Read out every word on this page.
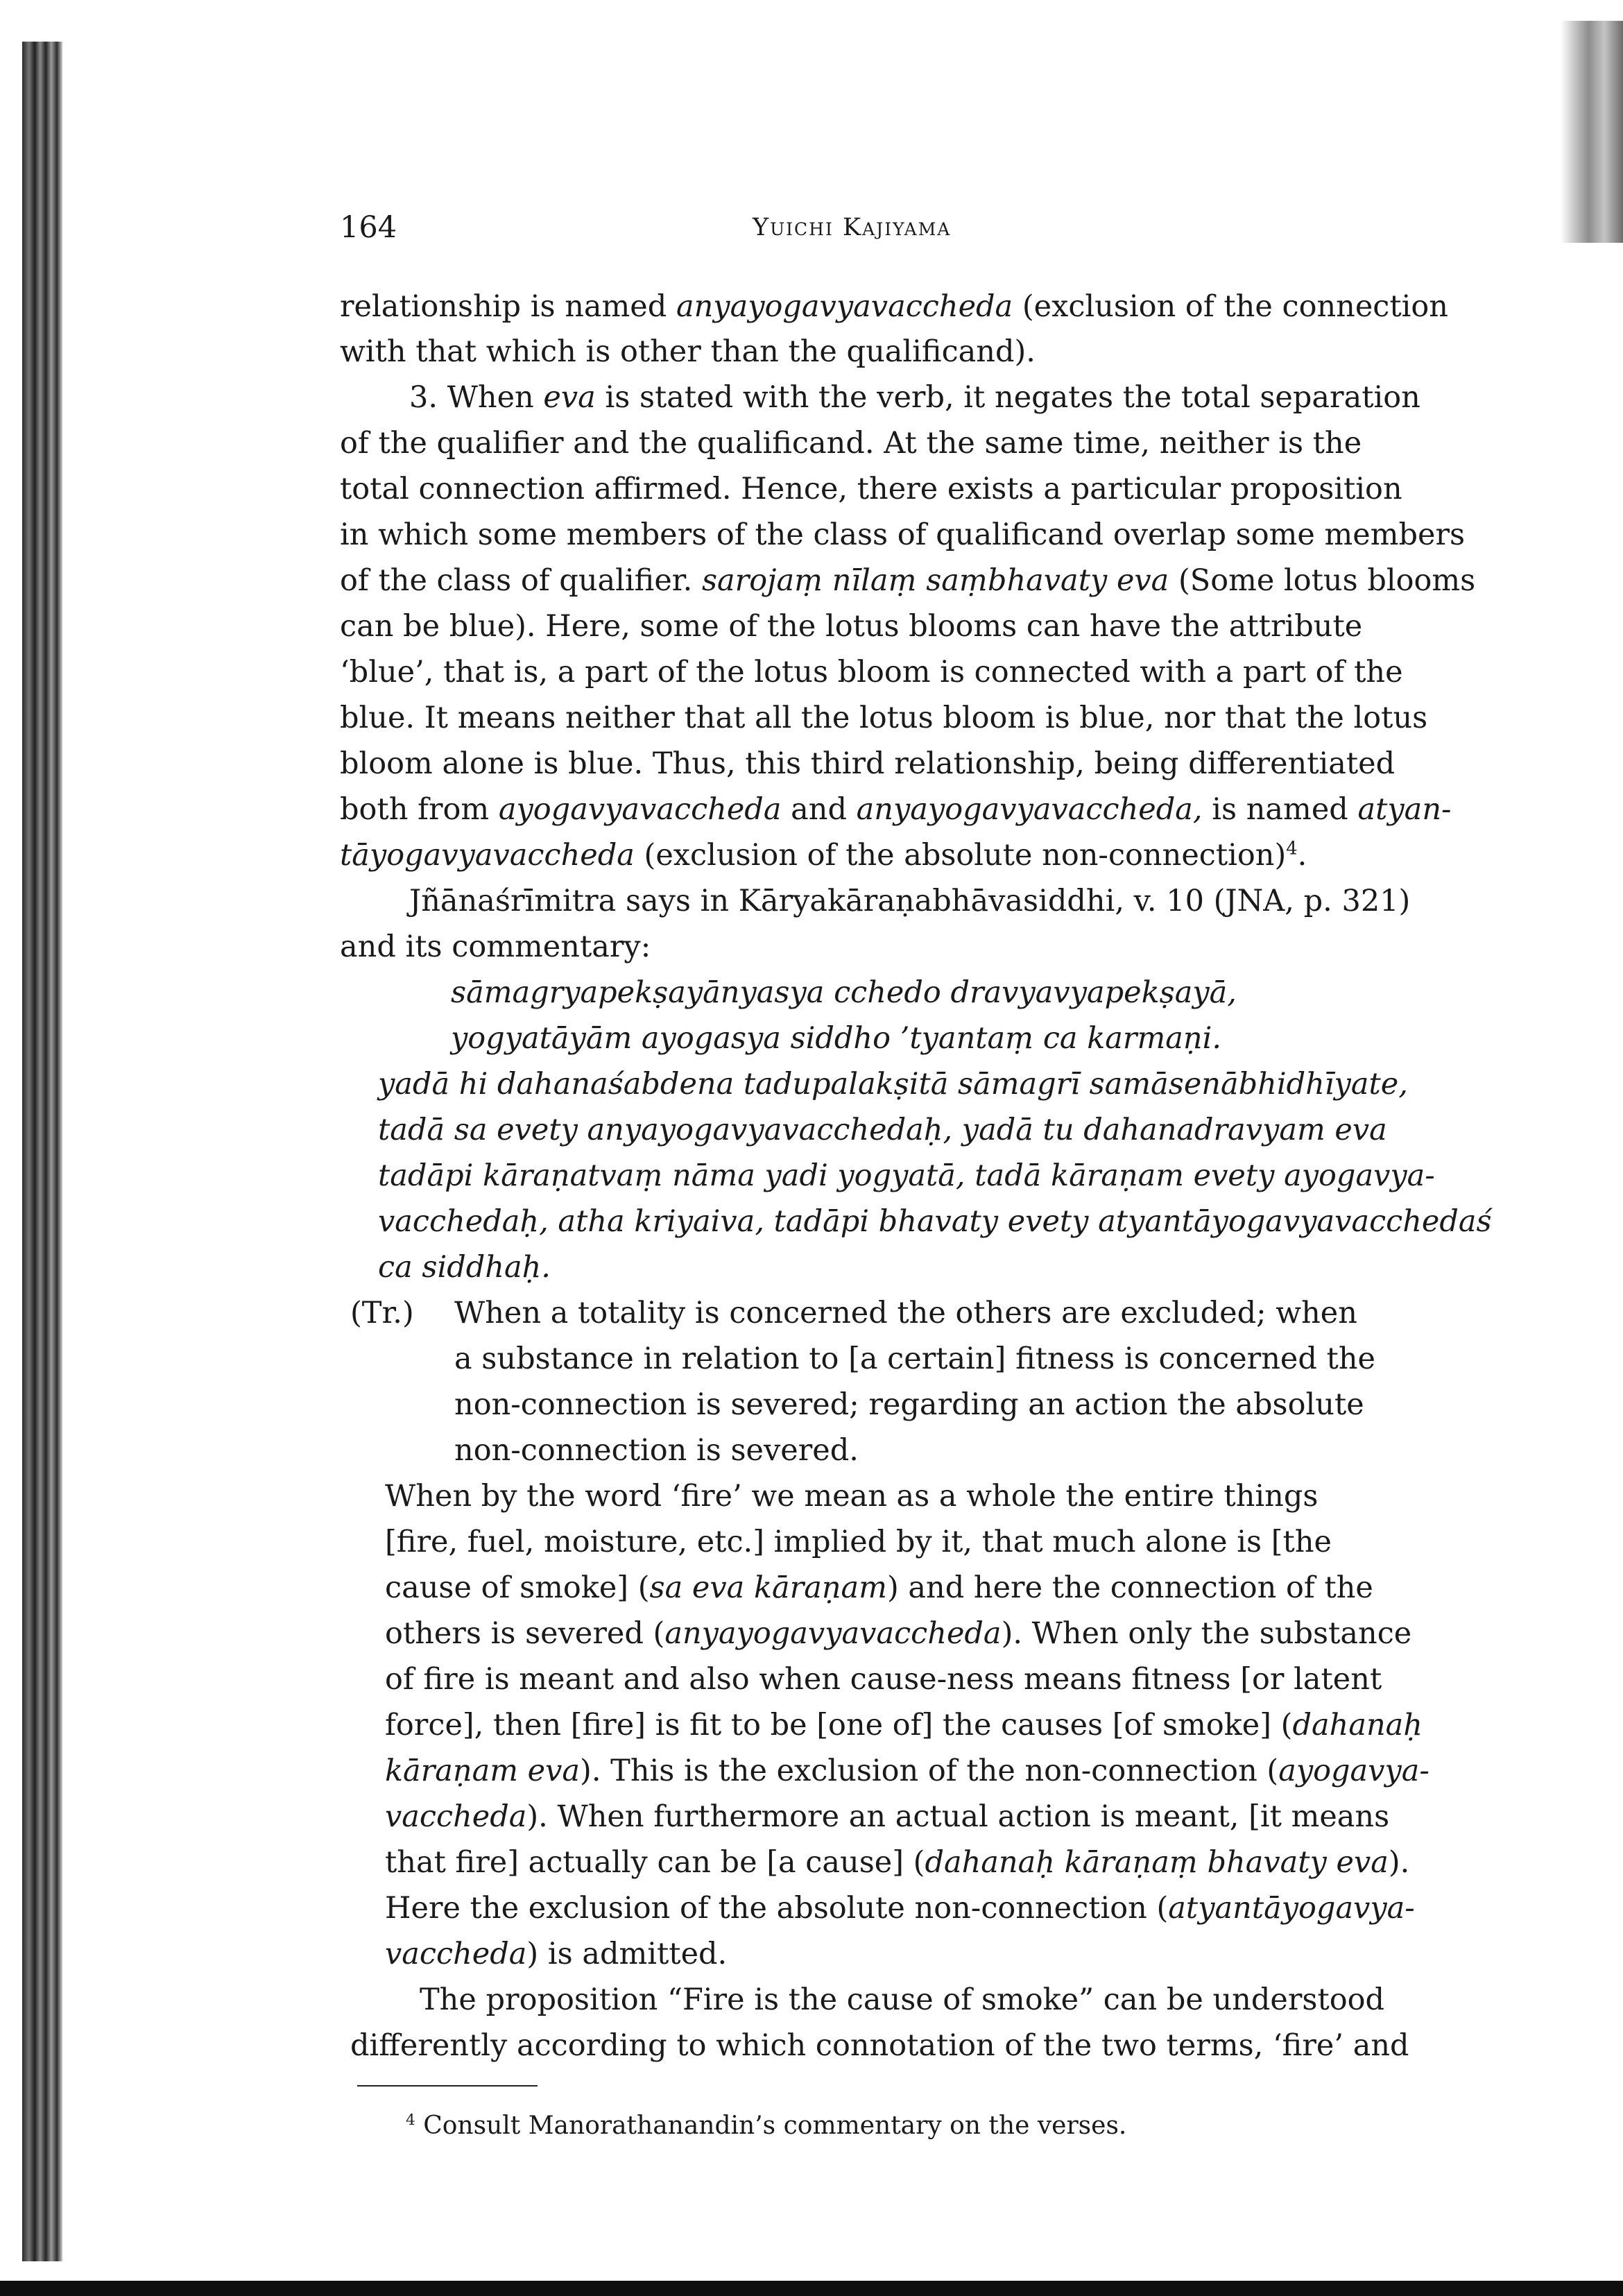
164	Yuichi Kajiyama
relationship is named anyayogavyavaccheda (exclusion of the connection
with that which is other than the qualificand).
3. When eva is stated with the verb, it negates the total separation
of the qualifier and the qualificand. At the same time, neither is the
total connection affirmed. Hence, there exists a particular proposition
in which some members of the class of qualificand overlap some members
of the class of qualifier. sarojaṃ nīlaṃ saṃbhavaty eva (Some lotus blooms
can be blue). Here, some of the lotus blooms can have the attribute
‘blue’, that is, a part of the lotus bloom is connected with a part of the
blue. It means neither that all the lotus bloom is blue, nor that the lotus
bloom alone is blue. Thus, this third relationship, being differentiated
both from ayogavyavaccheda and anyayogavyavaccheda, is named atyan-
tāyogavyavaccheda (exclusion of the absolute non-connection)$^4$.
Jñānaśrīmitra says in Kāryakāraṇabhāvasiddhi, v. 10 (JNA, p. 321)
and its commentary:
sāmagryapekṣayānyasya cchedo dravyavyapekṣayā,
yogyatāyām ayogasya siddho ’tyantaṃ ca karmaṇi.
yadā hi dahanaśabdena tadupalakṣitā sāmagrī samāsenābhidhīyate,
tadā sa evety anyayogavyavacchedaḥ, yadā tu dahanadravyam eva
tadāpi kāraṇatvaṃ nāma yadi yogyatā, tadā kāraṇam evety ayogavya-
vacchedaḥ, atha kriyaiva, tadāpi bhavaty evety atyantāyogavyavacchedaś
ca siddhaḥ.
(Tr.) When a totality is concerned the others are excluded; when
a substance in relation to [a certain] fitness is concerned the
non-connection is severed; regarding an action the absolute
non-connection is severed.
When by the word ‘fire’ we mean as a whole the entire things
[fire, fuel, moisture, etc.] implied by it, that much alone is [the
cause of smoke] (sa eva kāraṇam) and here the connection of the
others is severed (anyayogavyavaccheda). When only the substance
of fire is meant and also when cause-ness means fitness [or latent
force], then [fire] is fit to be [one of] the causes [of smoke] (dahanaḥ
kāraṇam eva). This is the exclusion of the non-connection (ayogavya-
vaccheda). When furthermore an actual action is meant, [it means
that fire] actually can be [a cause] (dahanaḥ kāraṇaṃ bhavaty eva).
Here the exclusion of the absolute non-connection (atyantāyogavya-
vaccheda) is admitted.
The proposition “Fire is the cause of smoke” can be understood
differently according to which connotation of the two terms, ‘fire’ and
$^4$ Consult Manorathanandin’s commentary on the verses.
